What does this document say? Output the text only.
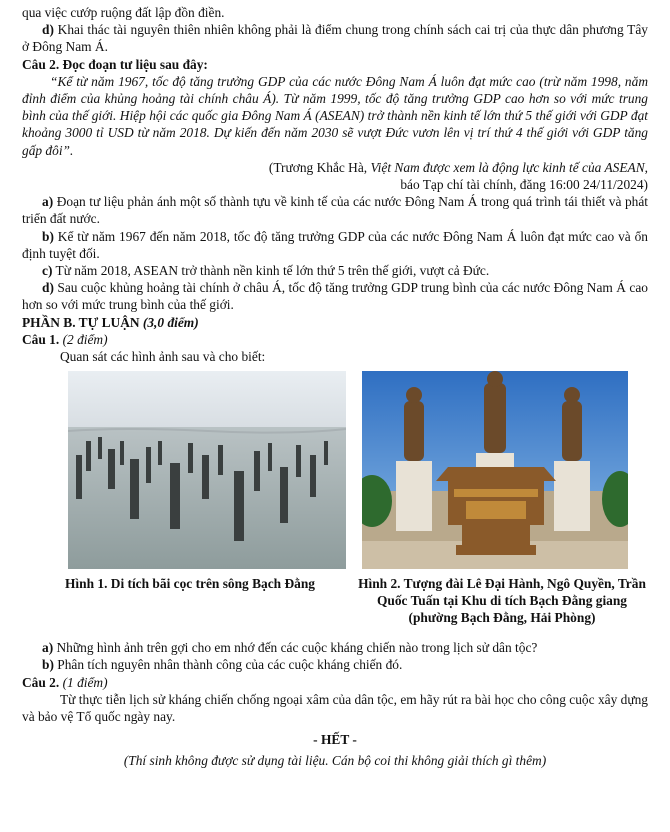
qua việc cướp ruộng đất lập đồn điền.

d) Khai thác tài nguyên thiên nhiên không phải là điểm chung trong chính sách cai trị của thực dân phương Tây ở Đông Nam Á.

Câu 2. Đọc đoạn tư liệu sau đây:

“Kể từ năm 1967, tốc độ tăng trưởng GDP của các nước Đông Nam Á luôn đạt mức cao (trừ năm 1998, năm đỉnh điểm của khủng hoảng tài chính châu Á). Từ năm 1999, tốc độ tăng trưởng GDP cao hơn so với mức trung bình của thế giới. Hiệp hội các quốc gia Đông Nam Á (ASEAN) trở thành nền kinh tế lớn thứ 5 thế giới với GDP đạt khoảng 3000 tỉ USD từ năm 2018. Dự kiến đến năm 2030 sẽ vượt Đức vươn lên vị trí thứ 4 thế giới với GDP tăng gấp đôi”.

(Trương Khắc Hà, Việt Nam được xem là động lực kinh tế của ASEAN,

báo Tạp chí tài chính, đăng 16:00 24/11/2024)

a) Đoạn tư liệu phản ánh một số thành tựu về kinh tế của các nước Đông Nam Á trong quá trình tái thiết và phát triển đất nước.

b) Kể từ năm 1967 đến năm 2018, tốc độ tăng trưởng GDP của các nước Đông Nam Á luôn đạt mức cao và ổn định tuyệt đối.

c) Từ năm 2018, ASEAN trở thành nền kinh tế lớn thứ 5 trên thế giới, vượt cả Đức.

d) Sau cuộc khủng hoảng tài chính ở châu Á, tốc độ tăng trưởng GDP trung bình của các nước Đông Nam Á cao hơn so với mức trung bình của thế giới.

PHẦN B. TỰ LUẬN (3,0 điểm)

Câu 1. (2 điểm)

Quan sát các hình ảnh sau và cho biết:

Hình 1. Di tích bãi cọc trên sông Bạch Đằng	Hình 2. Tượng đài Lê Đại Hành, Ngô Quyền, Trần Quốc Tuấn tại Khu di tích Bạch Đằng giang (phường Bạch Đằng, Hải Phòng)

a) Những hình ảnh trên gợi cho em nhớ đến các cuộc kháng chiến nào trong lịch sử dân tộc?

b) Phân tích nguyên nhân thành công của các cuộc kháng chiến đó.

Câu 2. (1 điểm)

Từ thực tiễn lịch sử kháng chiến chống ngoại xâm của dân tộc, em hãy rút ra bài học cho công cuộc xây dựng và bảo vệ Tổ quốc ngày nay.

- HẾT -

(Thí sinh không được sử dụng tài liệu. Cán bộ coi thi không giải thích gì thêm)
